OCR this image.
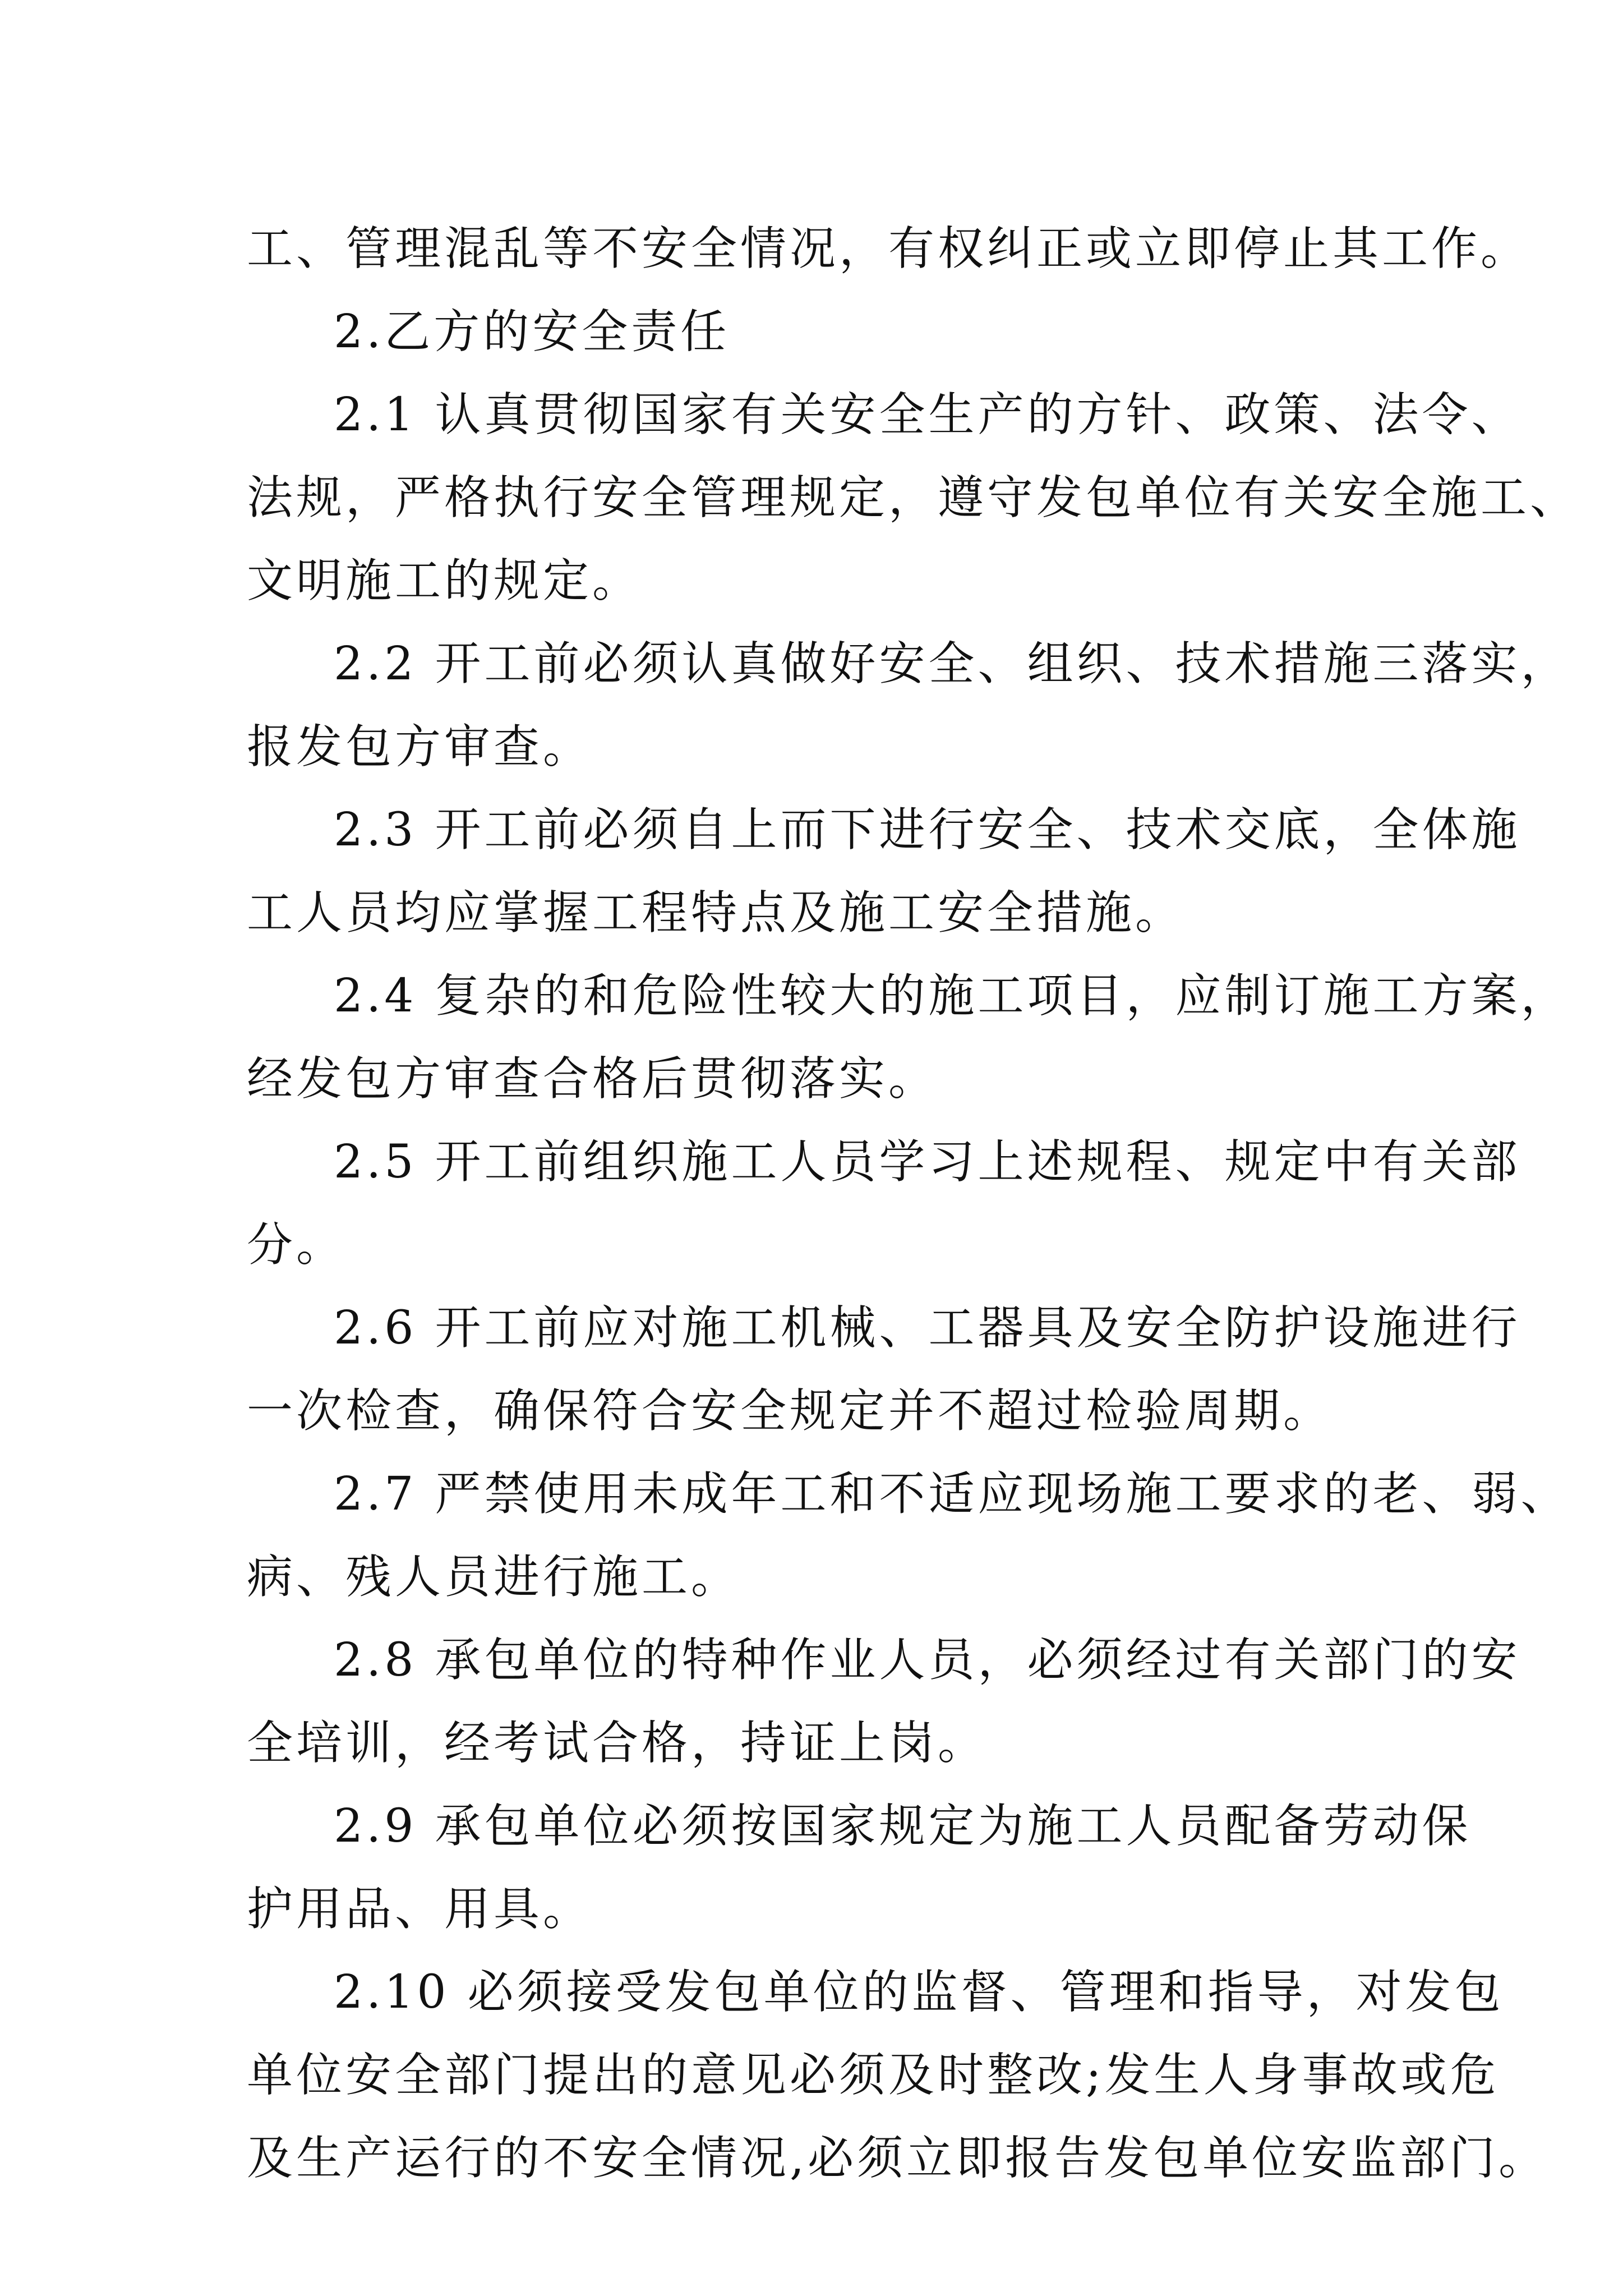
工、管理混乱等不安全情况，有权纠正或立即停止其工作。

2.乙方的安全责任

2.1 认真贯彻国家有关安全生产的方针、政策、法令、

法规，严格执行安全管理规定，遵守发包单位有关安全施工、

文明施工的规定。

2.2 开工前必须认真做好安全、组织、技术措施三落实，

报发包方审查。

2.3 开工前必须自上而下进行安全、技术交底，全体施

工人员均应掌握工程特点及施工安全措施。

2.4 复杂的和危险性较大的施工项目，应制订施工方案，

经发包方审查合格后贯彻落实。

2.5 开工前组织施工人员学习上述规程、规定中有关部

分。

2.6 开工前应对施工机械、工器具及安全防护设施进行

一次检查，确保符合安全规定并不超过检验周期。

2.7 严禁使用未成年工和不适应现场施工要求的老、弱、

病、残人员进行施工。

2.8 承包单位的特种作业人员，必须经过有关部门的安

全培训，经考试合格，持证上岗。

2.9 承包单位必须按国家规定为施工人员配备劳动保

护用品、用具。

2.10 必须接受发包单位的监督、管理和指导，对发包

单位安全部门提出的意见必须及时整改;发生人身事故或危

及生产运行的不安全情况,必须立即报告发包单位安监部门。
